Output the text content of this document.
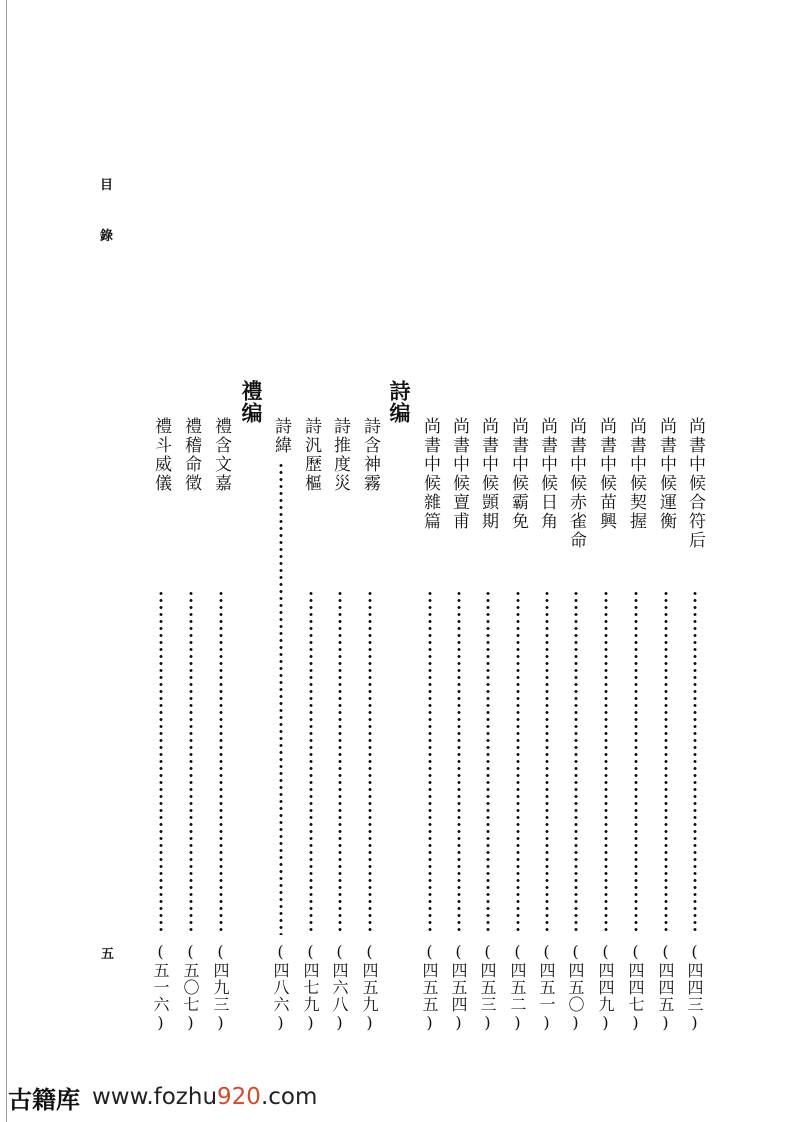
目
錄
五
詩编
禮编
尚書中候合符后
(四四三)
尚書中候運衡
(四四五)
尚書中候契握
(四四七)
尚書中候苗興
(四四九)
尚書中候赤雀命
(四五〇)
尚書中候日角
(四五一)
尚書中候霸免
(四五二)
尚書中候顗期
(四五三)
尚書中候亶甫
(四五四)
尚書中候雜篇
(四五五)
詩含神霧
(四五九)
詩推度災
(四六八)
詩汎歷樞
(四七九)
詩緯
(四八六)
禮含文嘉
(四九三)
禮稽命徵
(五〇七)
禮斗威儀
(五一六)
古籍库 www.fozhu920.com
